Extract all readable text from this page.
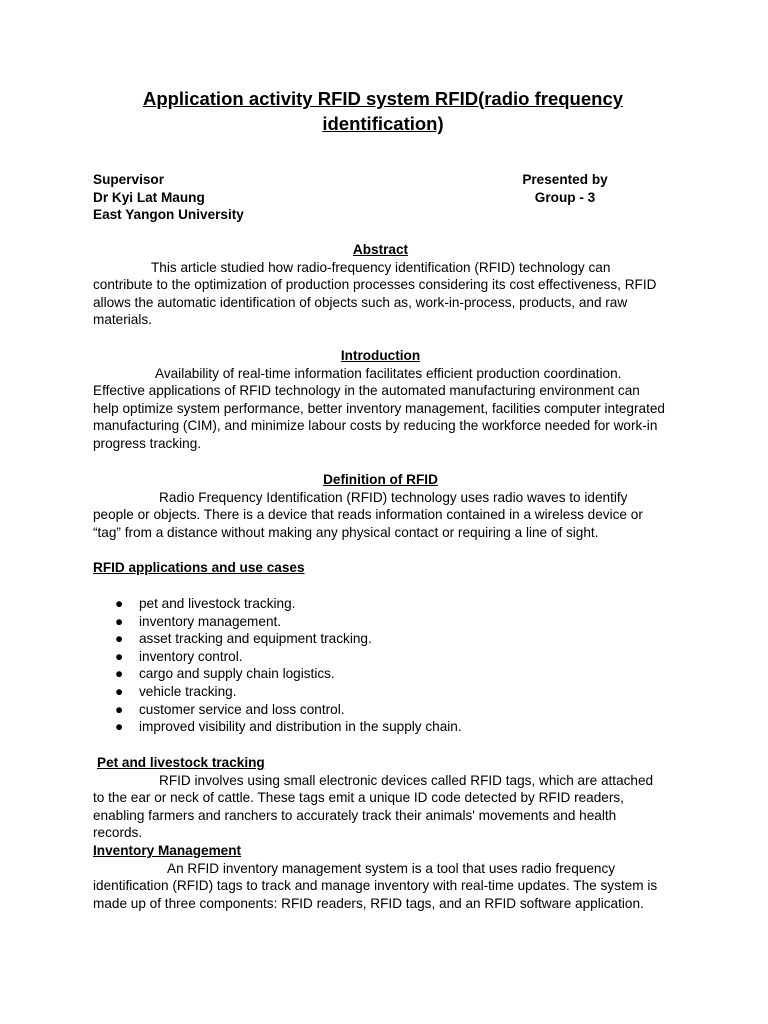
Application activity RFID system RFID(radio frequency identification)
Supervisor
Dr Kyi Lat Maung
East Yangon University
Presented by
Group - 3
Abstract

This article studied how radio-frequency identification (RFID) technology can contribute to the optimization of production processes considering its cost effectiveness, RFID allows the automatic identification of objects such as, work-in-process, products, and raw materials.

Introduction

Availability of real-time information facilitates efficient production coordination. Effective applications of RFID technology in the automated manufacturing environment can help optimize system performance, better inventory management, facilities computer integrated manufacturing (CIM), and minimize labour costs by reducing the workforce needed for work-in progress tracking.

Definition of RFID

Radio Frequency Identification (RFID) technology uses radio waves to identify people or objects. There is a device that reads information contained in a wireless device or “tag” from a distance without making any physical contact or requiring a line of sight.

RFID applications and use cases
● pet and livestock tracking.
● inventory management.
● asset tracking and equipment tracking.
● inventory control.
● cargo and supply chain logistics.
● vehicle tracking.
● customer service and loss control.
● improved visibility and distribution in the supply chain.
Pet and livestock tracking

RFID involves using small electronic devices called RFID tags, which are attached to the ear or neck of cattle. These tags emit a unique ID code detected by RFID readers, enabling farmers and ranchers to accurately track their animals' movements and health records.

Inventory Management

An RFID inventory management system is a tool that uses radio frequency identification (RFID) tags to track and manage inventory with real-time updates. The system is made up of three components: RFID readers, RFID tags, and an RFID software application.
